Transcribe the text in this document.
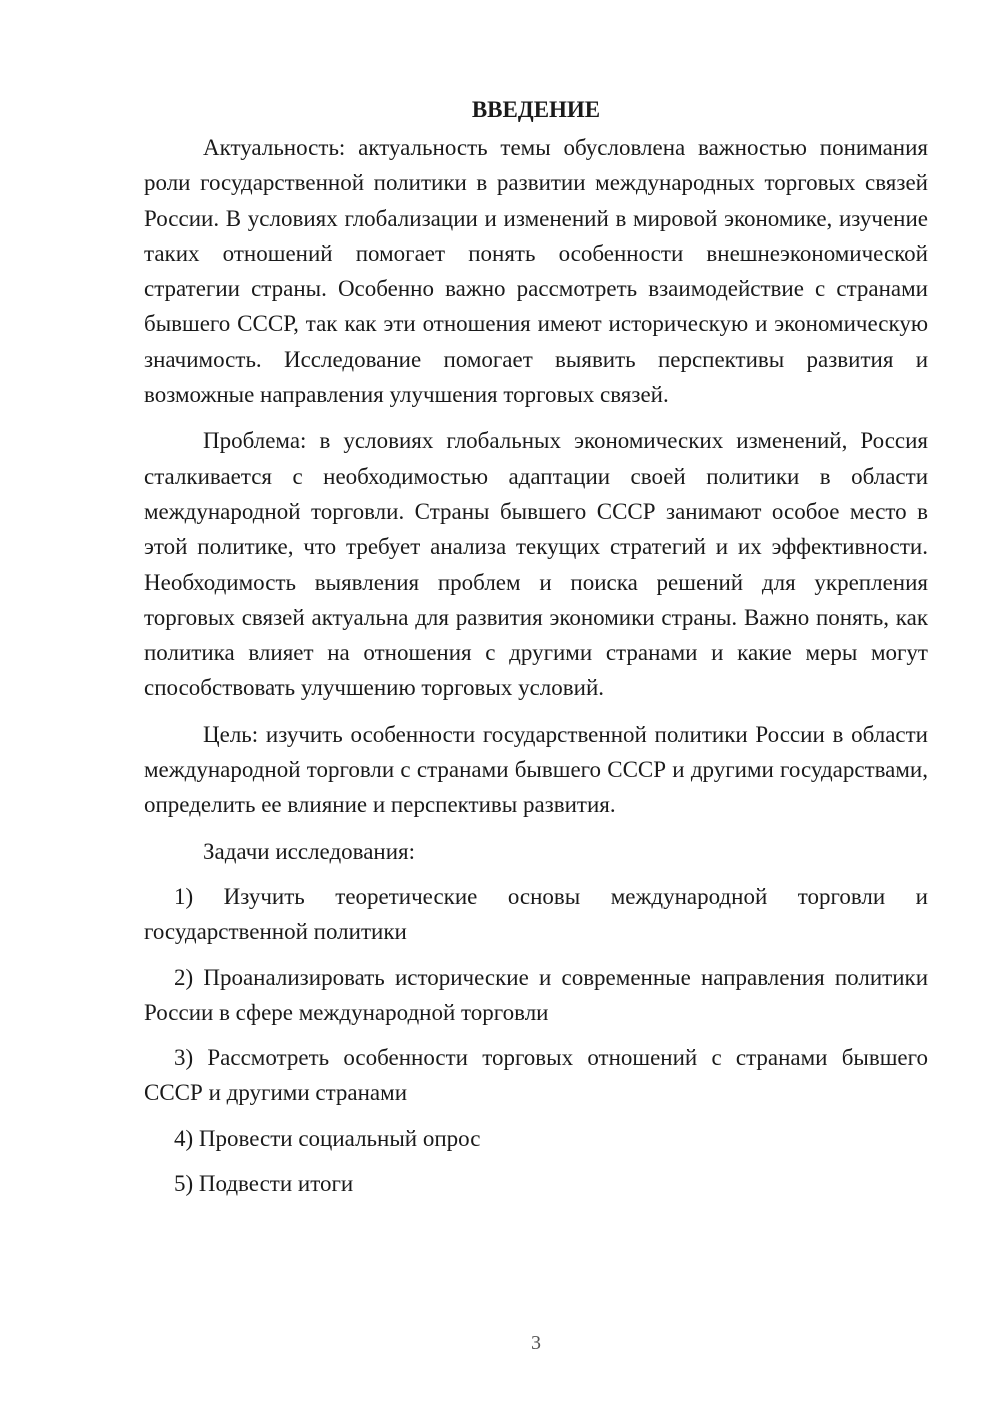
ВВЕДЕНИЕ

Актуальность: актуальность темы обусловлена важностью понимания роли государственной политики в развитии международных торговых связей России. В условиях глобализации и изменений в мировой экономике, изучение таких отношений помогает понять особенности внешнеэкономической стратегии страны. Особенно важно рассмотреть взаимодействие с странами бывшего СССР, так как эти отношения имеют историческую и экономическую значимость. Исследование помогает выявить перспективы развития и возможные направления улучшения торговых связей.

Проблема: в условиях глобальных экономических изменений, Россия сталкивается с необходимостью адаптации своей политики в области международной торговли. Страны бывшего СССР занимают особое место в этой политике, что требует анализа текущих стратегий и их эффективности. Необходимость выявления проблем и поиска решений для укрепления торговых связей актуальна для развития экономики страны. Важно понять, как политика влияет на отношения с другими странами и какие меры могут способствовать улучшению торговых условий.

Цель: изучить особенности государственной политики России в области международной торговли с странами бывшего СССР и другими государствами, определить ее влияние и перспективы развития.

Задачи исследования:

1) Изучить теоретические основы международной торговли и государственной политики

2) Проанализировать исторические и современные направления политики России в сфере международной торговли

3) Рассмотреть особенности торговых отношений с странами бывшего СССР и другими странами

4) Провести социальный опрос

5) Подвести итоги

3
